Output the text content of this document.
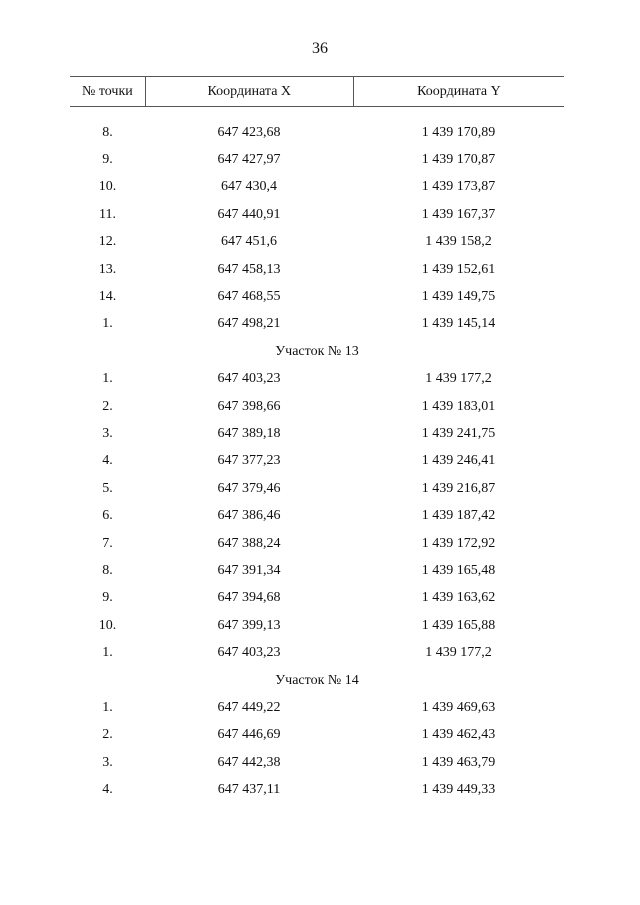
36
№ точки	Координата X	Координата Y
8.	647 423,68	1 439 170,89
9.	647 427,97	1 439 170,87
10.	647 430,4	1 439 173,87
11.	647 440,91	1 439 167,37
12.	647 451,6	1 439 158,2
13.	647 458,13	1 439 152,61
14.	647 468,55	1 439 149,75
1.	647 498,21	1 439 145,14
Участок № 13
1.	647 403,23	1 439 177,2
2.	647 398,66	1 439 183,01
3.	647 389,18	1 439 241,75
4.	647 377,23	1 439 246,41
5.	647 379,46	1 439 216,87
6.	647 386,46	1 439 187,42
7.	647 388,24	1 439 172,92
8.	647 391,34	1 439 165,48
9.	647 394,68	1 439 163,62
10.	647 399,13	1 439 165,88
1.	647 403,23	1 439 177,2
Участок № 14
1.	647 449,22	1 439 469,63
2.	647 446,69	1 439 462,43
3.	647 442,38	1 439 463,79
4.	647 437,11	1 439 449,33
